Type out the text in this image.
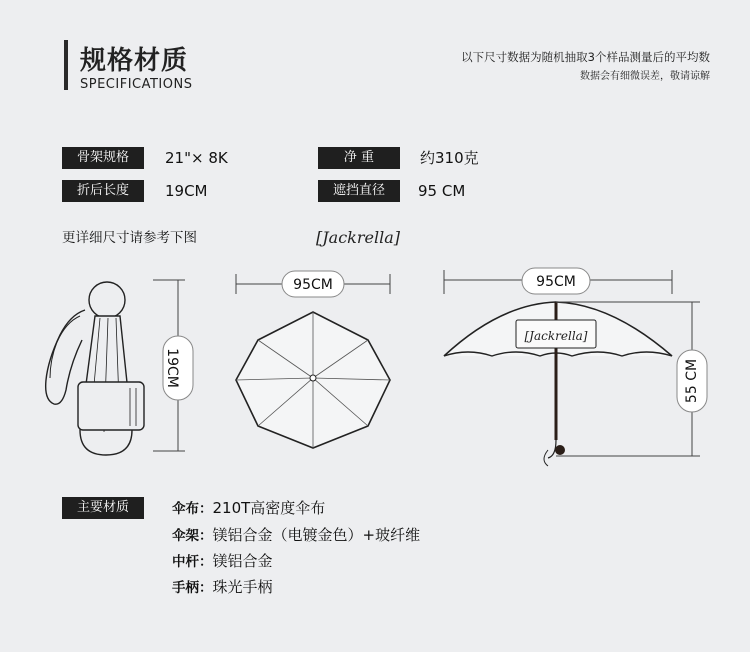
规格材质
SPECIFICATIONS
以下尺寸数据为随机抽取3个样品测量后的平均数
数据会有细微误差，敬请谅解
骨架规格	21"× 8K	净 重	约310克
折后长度	19CM	遮挡直径	95 CM
更详细尺寸请参考下图	[Jackrella]
19CM
95CM
[Jackrella]
95CM
55 CM
主要材质	伞布：210T高密度伞布
伞架：镁铝合金（电镀金色）+玻纤维
中杆：镁铝合金
手柄：珠光手柄
